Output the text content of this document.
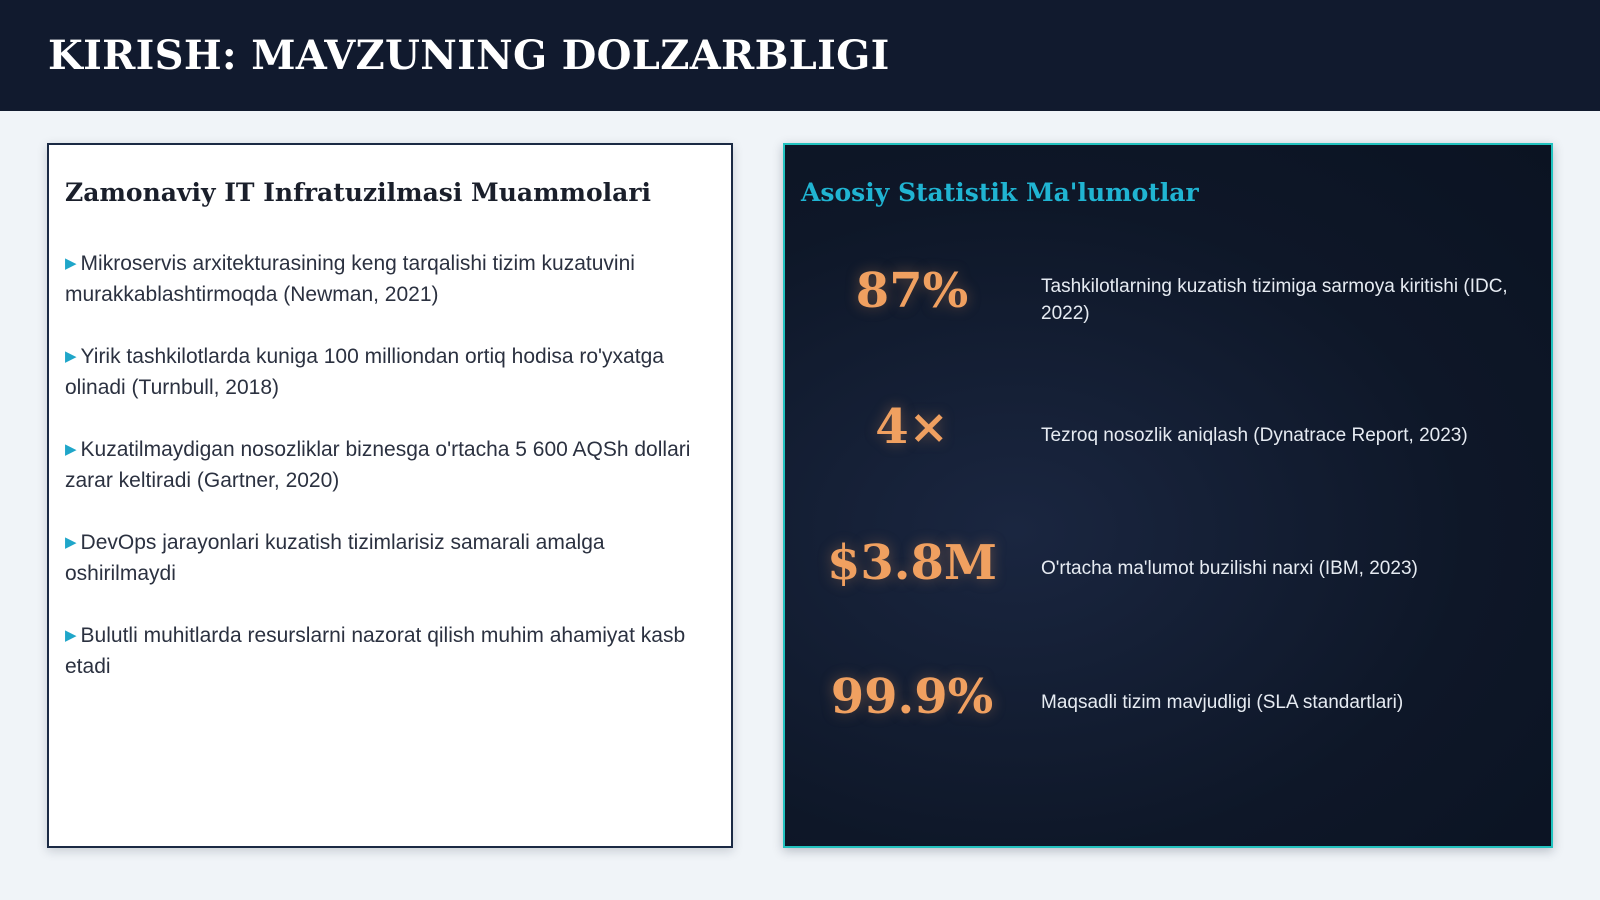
KIRISH: MAVZUNING DOLZARBLIGI
Zamonaviy IT Infratuzilmasi Muammolari
▶ Mikroservis arxitekturasining keng tarqalishi tizim kuzatuvini murakkablashtirmoqda (Newman, 2021)
▶ Yirik tashkilotlarda kuniga 100 milliondan ortiq hodisa ro'yxatga olinadi (Turnbull, 2018)
▶ Kuzatilmaydigan nosozliklar biznesga o'rtacha 5 600 AQSh dollari zarar keltiradi (Gartner, 2020)
▶ DevOps jarayonlari kuzatish tizimlarisiz samarali amalga oshirilmaydi
▶ Bulutli muhitlarda resurslarni nazorat qilish muhim ahamiyat kasb etadi
Asosiy Statistik Ma'lumotlar
87%	Tashkilotlarning kuzatish tizimiga sarmoya kiritishi (IDC, 2022)
4×	Tezroq nosozlik aniqlash (Dynatrace Report, 2023)
$3.8M	O'rtacha ma'lumot buzilishi narxi (IBM, 2023)
99.9%	Maqsadli tizim mavjudligi (SLA standartlari)
